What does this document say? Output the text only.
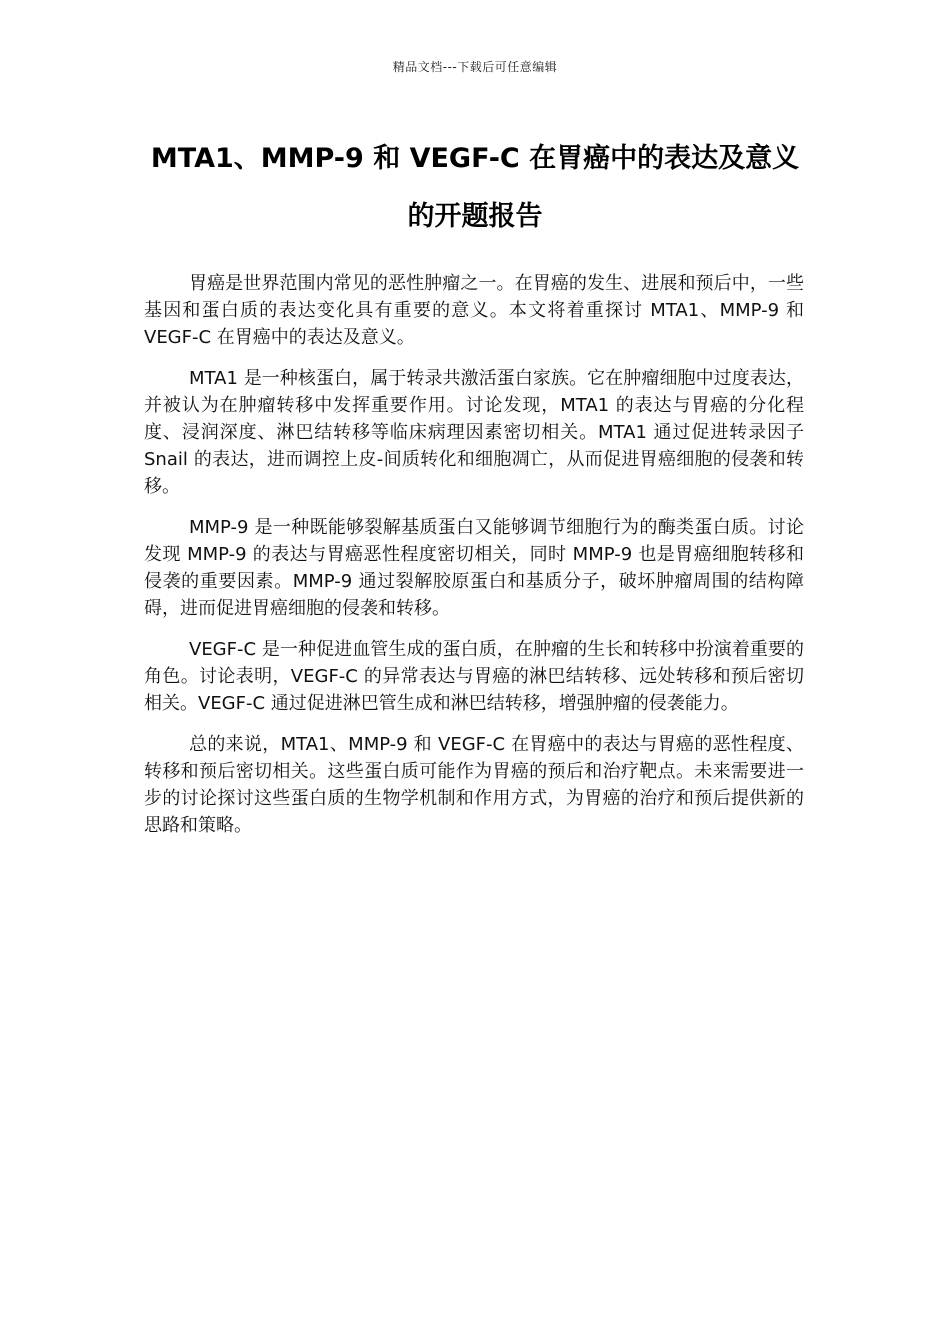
精品文档---下载后可任意编辑
MTA1、MMP-9 和 VEGF-C 在胃癌中的表达及意义
的开题报告

胃癌是世界范围内常见的恶性肿瘤之一。在胃癌的发生、进展和预后中，一些基因和蛋白质的表达变化具有重要的意义。本文将着重探讨 MTA1、MMP-9 和 VEGF-C 在胃癌中的表达及意义。

MTA1 是一种核蛋白，属于转录共激活蛋白家族。它在肿瘤细胞中过度表达，并被认为在肿瘤转移中发挥重要作用。讨论发现，MTA1 的表达与胃癌的分化程度、浸润深度、淋巴结转移等临床病理因素密切相关。MTA1 通过促进转录因子 Snail 的表达，进而调控上皮-间质转化和细胞凋亡，从而促进胃癌细胞的侵袭和转移。

MMP-9 是一种既能够裂解基质蛋白又能够调节细胞行为的酶类蛋白质。讨论发现 MMP-9 的表达与胃癌恶性程度密切相关，同时 MMP-9 也是胃癌细胞转移和侵袭的重要因素。MMP-9 通过裂解胶原蛋白和基质分子，破坏肿瘤周围的结构障碍，进而促进胃癌细胞的侵袭和转移。

VEGF-C 是一种促进血管生成的蛋白质，在肿瘤的生长和转移中扮演着重要的角色。讨论表明，VEGF-C 的异常表达与胃癌的淋巴结转移、远处转移和预后密切相关。VEGF-C 通过促进淋巴管生成和淋巴结转移，增强肿瘤的侵袭能力。

总的来说，MTA1、MMP-9 和 VEGF-C 在胃癌中的表达与胃癌的恶性程度、转移和预后密切相关。这些蛋白质可能作为胃癌的预后和治疗靶点。未来需要进一步的讨论探讨这些蛋白质的生物学机制和作用方式，为胃癌的治疗和预后提供新的思路和策略。
